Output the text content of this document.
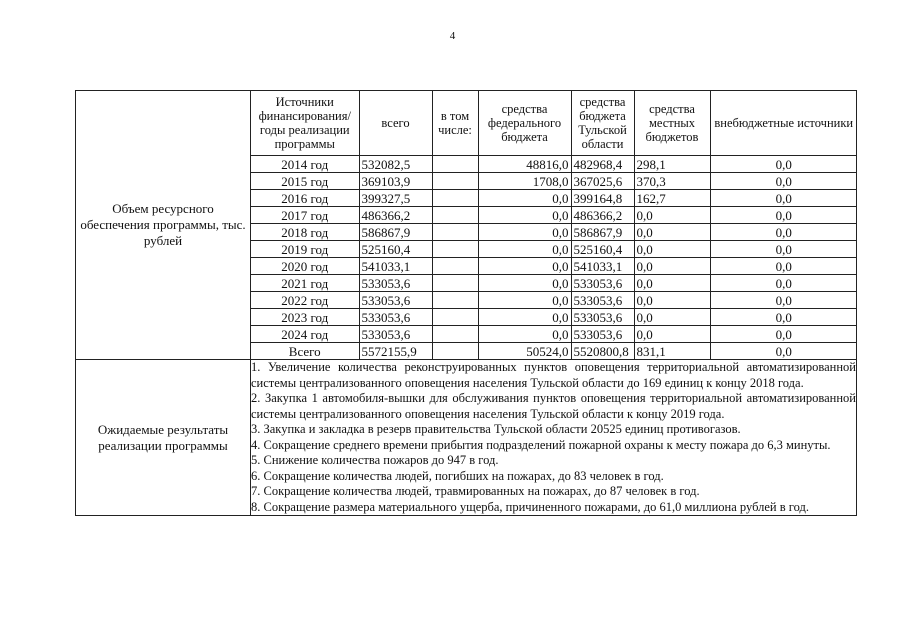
4
Объем ресурсного обеспечения программы, тыс. рублей	
Источники финансирования/ годы реализации программы	всего	в том числе:	средства федерального бюджета	средства бюджета Тульской области	средства местных бюджетов	внебюджетные источники
2014 год	532082,5		48816,0	482968,4	298,1	0,0
2015 год	369103,9		1708,0	367025,6	370,3	0,0
2016 год	399327,5		0,0	399164,8	162,7	0,0
2017 год	486366,2		0,0	486366,2	0,0	0,0
2018 год	586867,9		0,0	586867,9	0,0	0,0
2019 год	525160,4		0,0	525160,4	0,0	0,0
2020 год	541033,1		0,0	541033,1	0,0	0,0
2021 год	533053,6		0,0	533053,6	0,0	0,0
2022 год	533053,6		0,0	533053,6	0,0	0,0
2023 год	533053,6		0,0	533053,6	0,0	0,0
2024 год	533053,6		0,0	533053,6	0,0	0,0
Всего	5572155,9		50524,0	5520800,8	831,1	0,0

Ожидаемые результаты реализации программы	

1. Увеличение количества реконструированных пунктов оповещения территориальной автоматизированной системы централизованного оповещения населения Тульской области до 169 единиц к концу 2018 года.

2. Закупка 1 автомобиля-вышки для обслуживания пунктов оповещения территориальной автоматизированной системы централизованного оповещения населения Тульской области к концу 2019 года.

3. Закупка и закладка в резерв правительства Тульской области 20525 единиц противогазов.

4. Сокращение среднего времени прибытия подразделений пожарной охраны к месту пожара до 6,3 минуты.

5. Снижение количества пожаров до 947 в год.

6. Сокращение количества людей, погибших на пожарах, до 83 человек в год.

7. Сокращение количества людей, травмированных на пожарах, до 87 человек в год.

8. Сокращение размера материального ущерба, причиненного пожарами, до 61,0 миллиона рублей в год.
